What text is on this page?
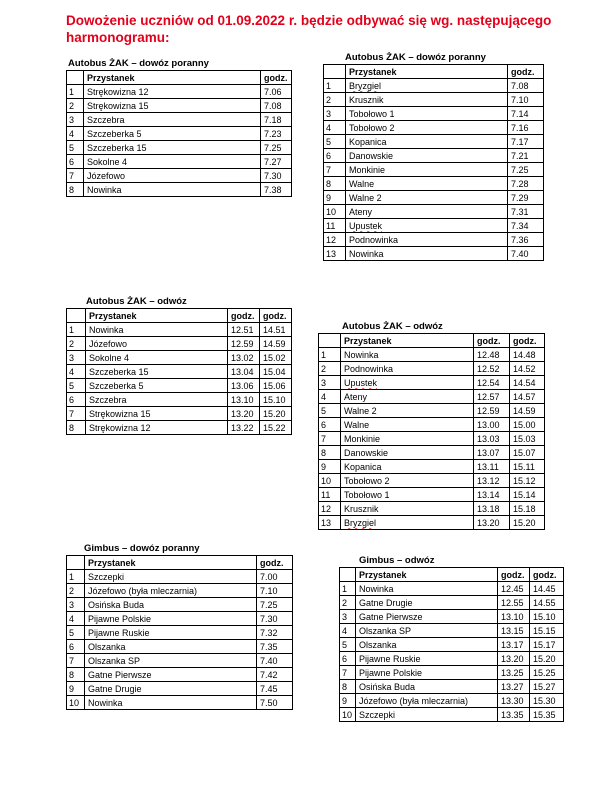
Dowożenie uczniów od 01.09.2022 r. będzie odbywać się wg. następującego harmonogramu:
Autobus ŻAK – dowóz poranny
	Przystanek	godz.
1	Strękowizna 12	7.06
2	Strękowizna 15	7.08
3	Szczebra	7.18
4	Szczeberka 5	7.23
5	Szczeberka 15	7.25
6	Sokolne 4	7.27
7	Józefowo	7.30
8	Nowinka	7.38
Autobus ŻAK – dowóz poranny
	Przystanek	godz.
1	Bryzgiel	7.08
2	Krusznik	7.10
3	Tobołowo 1	7.14
4	Tobołowo 2	7.16
5	Kopanica	7.17
6	Danowskie	7.21
7	Monkinie	7.25
8	Walne	7.28
9	Walne 2	7.29
10	Ateny	7.31
11	Upustek	7.34
12	Podnowinka	7.36
13	Nowinka	7.40
Autobus ŻAK – odwóz
	Przystanek	godz.	godz.
1	Nowinka	12.51	14.51
2	Józefowo	12.59	14.59
3	Sokolne 4	13.02	15.02
4	Szczeberka 15	13.04	15.04
5	Szczeberka 5	13.06	15.06
6	Szczebra	13.10	15.10
7	Strękowizna 15	13.20	15.20
8	Strękowizna 12	13.22	15.22
Autobus ŻAK – odwóz
	Przystanek	godz.	godz.
1	Nowinka	12.48	14.48
2	Podnowinka	12.52	14.52
3	Upustek	12.54	14.54
4	Ateny	12.57	14.57
5	Walne 2	12.59	14.59
6	Walne	13.00	15.00
7	Monkinie	13.03	15.03
8	Danowskie	13.07	15.07
9	Kopanica	13.11	15.11
10	Tobołowo 2	13.12	15.12
11	Tobołowo 1	13.14	15.14
12	Krusznik	13.18	15.18
13	Bryzgiel	13.20	15.20
Gimbus – dowóz poranny
	Przystanek	godz.
1	Szczepki	7.00
2	Józefowo (była mleczarnia)	7.10
3	Osińska Buda	7.25
4	Pijawne Polskie	7.30
5	Pijawne Ruskie	7.32
6	Olszanka	7.35
7	Olszanka SP	7.40
8	Gatne Pierwsze	7.42
9	Gatne Drugie	7.45
10	Nowinka	7.50
Gimbus – odwóz
	Przystanek	godz.	godz.
1	Nowinka	12.45	14.45
2	Gatne Drugie	12.55	14.55
3	Gatne Pierwsze	13.10	15.10
4	Olszanka SP	13.15	15.15
5	Olszanka	13.17	15.17
6	Pijawne Ruskie	13.20	15.20
7	Pijawne Polskie	13.25	15.25
8	Osińska Buda	13.27	15.27
9	Józefowo (była mleczarnia)	13.30	15.30
10	Szczepki	13.35	15.35
